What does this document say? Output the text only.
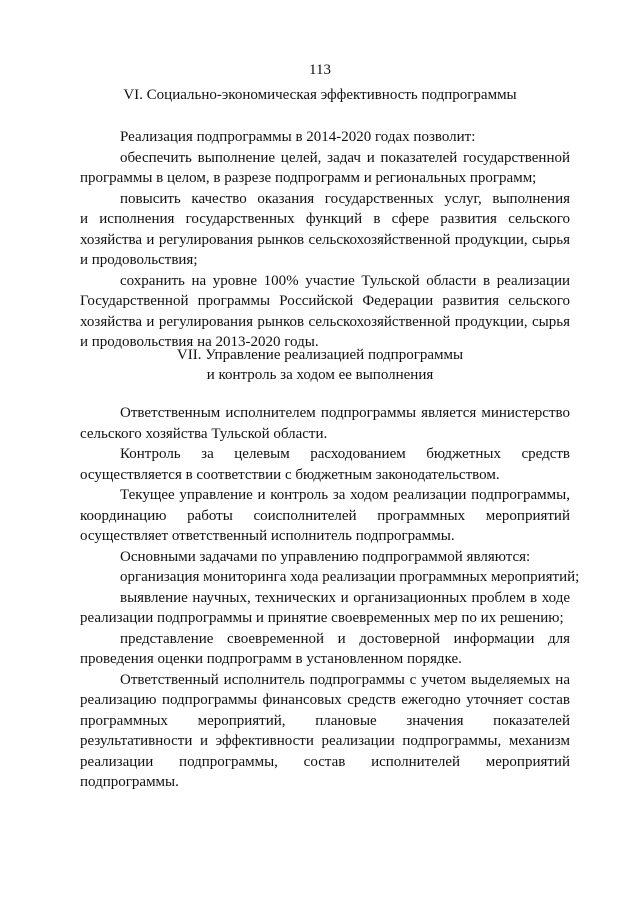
113
VI. Социально-экономическая эффективность подпрограммы
Реализация подпрограммы в 2014-2020 годах позволит:
обеспечить выполнение целей, задач и показателей государственной
программы в целом, в разрезе подпрограмм и региональных программ;
повысить качество оказания государственных услуг, выполнения
и исполнения государственных функций в сфере развития сельского
хозяйства и регулирования рынков сельскохозяйственной продукции, сырья
и продовольствия;
сохранить на уровне 100% участие Тульской области в реализации
Государственной программы Российской Федерации развития сельского
хозяйства и регулирования рынков сельскохозяйственной продукции, сырья
и продовольствия на 2013-2020 годы.
VII. Управление реализацией подпрограммы
и контроль за ходом ее выполнения
Ответственным исполнителем подпрограммы является министерство
сельского хозяйства Тульской области.
Контроль за целевым расходованием бюджетных средств
осуществляется в соответствии с бюджетным законодательством.
Текущее управление и контроль за ходом реализации подпрограммы,
координацию работы соисполнителей программных мероприятий
осуществляет ответственный исполнитель подпрограммы.
Основными задачами по управлению подпрограммой являются:
организация мониторинга хода реализации программных мероприятий;
выявление научных, технических и организационных проблем в ходе
реализации подпрограммы и принятие своевременных мер по их решению;
представление своевременной и достоверной информации для
проведения оценки подпрограмм в установленном порядке.
Ответственный исполнитель подпрограммы с учетом выделяемых на
реализацию подпрограммы финансовых средств ежегодно уточняет состав
программных мероприятий, плановые значения показателей
результативности и эффективности реализации подпрограммы, механизм
реализации подпрограммы, состав исполнителей мероприятий
подпрограммы.
